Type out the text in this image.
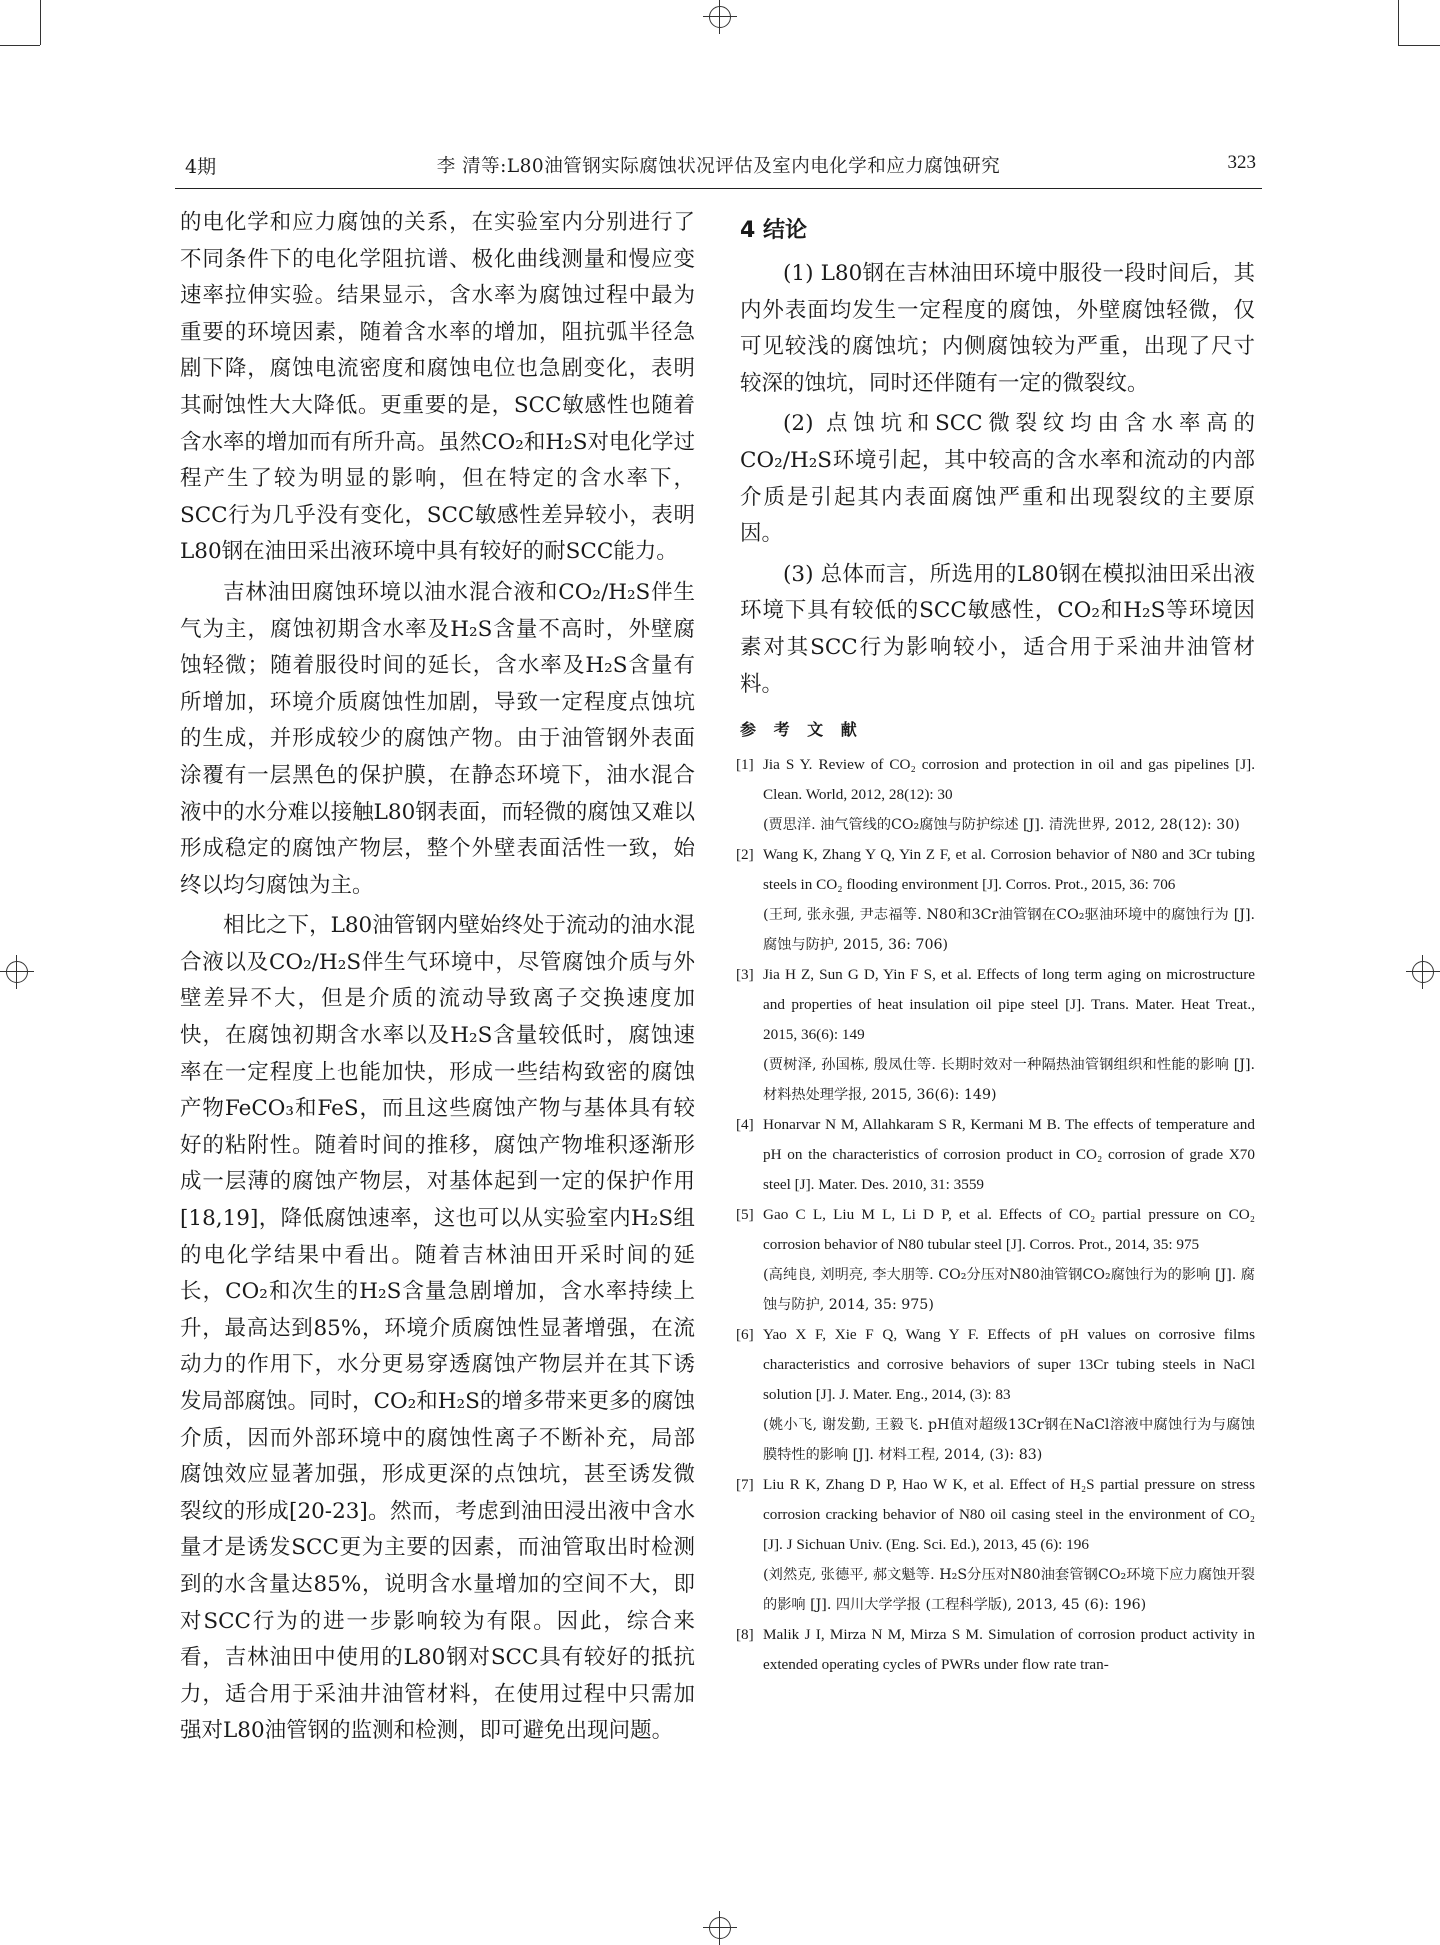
4期	李 清等:L80油管钢实际腐蚀状况评估及室内电化学和应力腐蚀研究	323

的电化学和应力腐蚀的关系，在实验室内分别进行了不同条件下的电化学阻抗谱、极化曲线测量和慢应变速率拉伸实验。结果显示，含水率为腐蚀过程中最为重要的环境因素，随着含水率的增加，阻抗弧半径急剧下降，腐蚀电流密度和腐蚀电位也急剧变化，表明其耐蚀性大大降低。更重要的是，SCC敏感性也随着含水率的增加而有所升高。虽然CO₂和H₂S对电化学过程产生了较为明显的影响，但在特定的含水率下，SCC行为几乎没有变化，SCC敏感性差异较小，表明L80钢在油田采出液环境中具有较好的耐SCC能力。

吉林油田腐蚀环境以油水混合液和CO₂/H₂S伴生气为主，腐蚀初期含水率及H₂S含量不高时，外壁腐蚀轻微；随着服役时间的延长，含水率及H₂S含量有所增加，环境介质腐蚀性加剧，导致一定程度点蚀坑的生成，并形成较少的腐蚀产物。由于油管钢外表面涂覆有一层黑色的保护膜，在静态环境下，油水混合液中的水分难以接触L80钢表面，而轻微的腐蚀又难以形成稳定的腐蚀产物层，整个外壁表面活性一致，始终以均匀腐蚀为主。

相比之下，L80油管钢内壁始终处于流动的油水混合液以及CO₂/H₂S伴生气环境中，尽管腐蚀介质与外壁差异不大，但是介质的流动导致离子交换速度加快，在腐蚀初期含水率以及H₂S含量较低时，腐蚀速率在一定程度上也能加快，形成一些结构致密的腐蚀产物FeCO₃和FeS，而且这些腐蚀产物与基体具有较好的粘附性。随着时间的推移，腐蚀产物堆积逐渐形成一层薄的腐蚀产物层，对基体起到一定的保护作用[18,19]，降低腐蚀速率，这也可以从实验室内H₂S组的电化学结果中看出。随着吉林油田开采时间的延长，CO₂和次生的H₂S含量急剧增加，含水率持续上升，最高达到85%，环境介质腐蚀性显著增强，在流动力的作用下，水分更易穿透腐蚀产物层并在其下诱发局部腐蚀。同时，CO₂和H₂S的增多带来更多的腐蚀介质，因而外部环境中的腐蚀性离子不断补充，局部腐蚀效应显著加强，形成更深的点蚀坑，甚至诱发微裂纹的形成[20-23]。然而，考虑到油田浸出液中含水量才是诱发SCC更为主要的因素，而油管取出时检测到的水含量达85%，说明含水量增加的空间不大，即对SCC行为的进一步影响较为有限。因此，综合来看，吉林油田中使用的L80钢对SCC具有较好的抵抗力，适合用于采油井油管材料，在使用过程中只需加强对L80油管钢的监测和检测，即可避免出现问题。

4 结论

(1) L80钢在吉林油田环境中服役一段时间后，其内外表面均发生一定程度的腐蚀，外壁腐蚀轻微，仅可见较浅的腐蚀坑；内侧腐蚀较为严重，出现了尺寸较深的蚀坑，同时还伴随有一定的微裂纹。

(2) 点蚀坑和SCC微裂纹均由含水率高的CO₂/H₂S环境引起，其中较高的含水率和流动的内部介质是引起其内表面腐蚀严重和出现裂纹的主要原因。

(3) 总体而言，所选用的L80钢在模拟油田采出液环境下具有较低的SCC敏感性，CO₂和H₂S等环境因素对其SCC行为影响较小，适合用于采油井油管材料。

参 考 文 献
[1] Jia S Y. Review of CO₂ corrosion and protection in oil and gas pipelines [J]. Clean. World, 2012, 28(12): 30
(贾思洋. 油气管线的CO₂腐蚀与防护综述 [J]. 清洗世界, 2012, 28(12): 30)
[2] Wang K, Zhang Y Q, Yin Z F, et al. Corrosion behavior of N80 and 3Cr tubing steels in CO₂ flooding environment [J]. Corros. Prot., 2015, 36: 706
(王珂, 张永强, 尹志福等. N80和3Cr油管钢在CO₂驱油环境中的腐蚀行为 [J]. 腐蚀与防护, 2015, 36: 706)
[3] Jia H Z, Sun G D, Yin F S, et al. Effects of long term aging on microstructure and properties of heat insulation oil pipe steel [J]. Trans. Mater. Heat Treat., 2015, 36(6): 149
(贾树泽, 孙国栋, 殷凤仕等. 长期时效对一种隔热油管钢组织和性能的影响 [J]. 材料热处理学报, 2015, 36(6): 149)
[4] Honarvar N M, Allahkaram S R, Kermani M B. The effects of temperature and pH on the characteristics of corrosion product in CO₂ corrosion of grade X70 steel [J]. Mater. Des. 2010, 31: 3559
[5] Gao C L, Liu M L, Li D P, et al. Effects of CO₂ partial pressure on CO₂ corrosion behavior of N80 tubular steel [J]. Corros. Prot., 2014, 35: 975
(高纯良, 刘明亮, 李大朋等. CO₂分压对N80油管钢CO₂腐蚀行为的影响 [J]. 腐蚀与防护, 2014, 35: 975)
[6] Yao X F, Xie F Q, Wang Y F. Effects of pH values on corrosive films characteristics and corrosive behaviors of super 13Cr tubing steels in NaCl solution [J]. J. Mater. Eng., 2014, (3): 83
(姚小飞, 谢发勤, 王毅飞. pH值对超级13Cr钢在NaCl溶液中腐蚀行为与腐蚀膜特性的影响 [J]. 材料工程, 2014, (3): 83)
[7] Liu R K, Zhang D P, Hao W K, et al. Effect of H₂S partial pressure on stress corrosion cracking behavior of N80 oil casing steel in the environment of CO₂ [J]. J Sichuan Univ. (Eng. Sci. Ed.), 2013, 45 (6): 196
(刘然克, 张德平, 郝文魁等. H₂S分压对N80油套管钢CO₂环境下应力腐蚀开裂的影响 [J]. 四川大学学报 (工程科学版), 2013, 45 (6): 196)
[8] Malik J I, Mirza N M, Mirza S M. Simulation of corrosion product activity in extended operating cycles of PWRs under flow rate tran-
